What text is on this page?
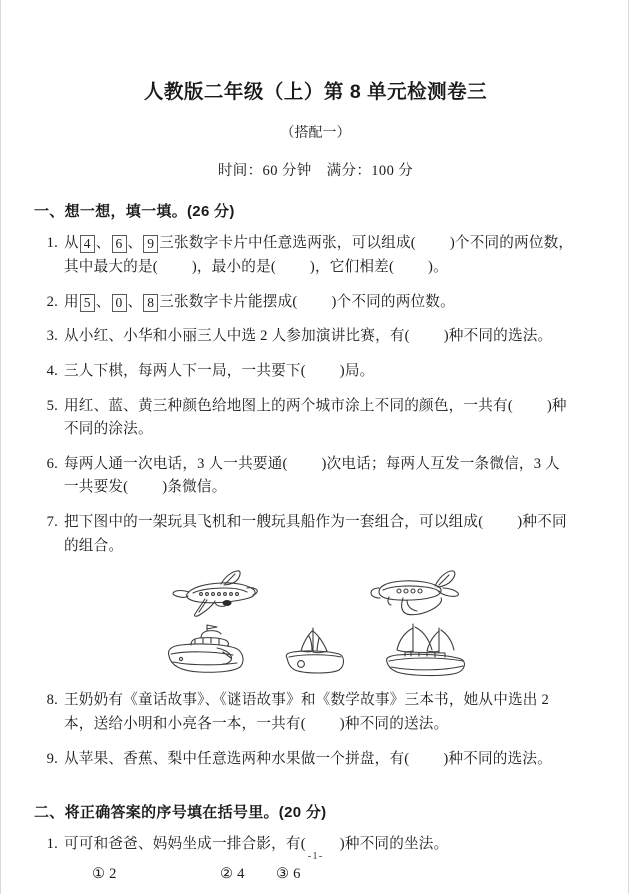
人教版二年级（上）第 8 单元检测卷三
（搭配一）
时间：60 分钟　满分：100 分
一、想一想，填一填。(26 分)
1. 从 4 、 6 、 9 三张数字卡片中任意选两张，可以组成( )个不同的两位数，
其中最大的是( )，最小的是( )，它们相差( )。
2. 用 5 、 0 、 8 三张数字卡片能摆成( )个不同的两位数。
3. 从小红、小华和小丽三人中选 2 人参加演讲比赛，有( )种不同的选法。
4. 三人下棋，每两人下一局，一共要下( )局。
5. 用红、蓝、黄三种颜色给地图上的两个城市涂上不同的颜色，一共有( )种
不同的涂法。
6. 每两人通一次电话，3 人一共要通( )次电话；每两人互发一条微信，3 人
一共要发( )条微信。
7. 把下图中的一架玩具飞机和一艘玩具船作为一套组合，可以组成( )种不同
的组合。
8. 王奶奶有《童话故事》、《谜语故事》和《数学故事》三本书，她从中选出 2
本，送给小明和小亮各一本，一共有( )种不同的送法。
9. 从苹果、香蕉、梨中任意选两种水果做一个拼盘，有( )种不同的选法。
二、将正确答案的序号填在括号里。(20 分)
1. 可可和爸爸、妈妈坐成一排合影，有( )种不同的坐法。
① 2	② 4	③ 6
-1-
